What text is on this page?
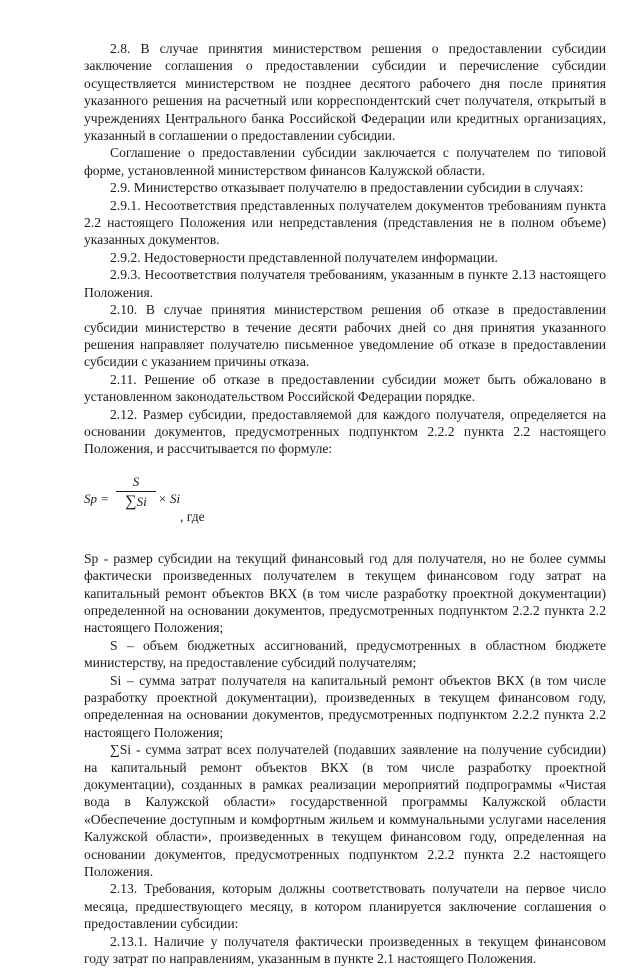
2.8. В случае принятия министерством решения о предоставлении субсидии заключение соглашения о предоставлении субсидии и перечисление субсидии осуществляется министерством не позднее десятого рабочего дня после принятия указанного решения на расчетный или корреспондентский счет получателя, открытый в учреждениях Центрального банка Российской Федерации или кредитных организациях, указанный в соглашении о предоставлении субсидии.

Соглашение о предоставлении субсидии заключается с получателем по типовой форме, установленной министерством финансов Калужской области.

2.9. Министерство отказывает получателю в предоставлении субсидии в случаях:

2.9.1. Несоответствия представленных получателем документов требованиям пункта 2.2 настоящего Положения или непредставления (представления не в полном объеме) указанных документов.

2.9.2. Недостоверности представленной получателем информации.

2.9.3. Несоответствия получателя требованиям, указанным в пункте 2.13 настоящего Положения.

2.10. В случае принятия министерством решения об отказе в предоставлении субсидии министерство в течение десяти рабочих дней со дня принятия указанного решения направляет получателю письменное уведомление об отказе в предоставлении субсидии с указанием причины отказа.

2.11. Решение об отказе в предоставлении субсидии может быть обжаловано в установленном законодательством Российской Федерации порядке.

2.12. Размер субсидии, предоставляемой для каждого получателя, определяется на основании документов, предусмотренных подпунктом 2.2.2 пункта 2.2 настоящего Положения, и рассчитывается по формуле:

Sp =
S
∑Si × Si
, где

Sp - размер субсидии на текущий финансовый год для получателя, но не более суммы фактически произведенных получателем в текущем финансовом году затрат на капитальный ремонт объектов ВКХ (в том числе разработку проектной документации) определенной на основании документов, предусмотренных подпунктом 2.2.2 пункта 2.2 настоящего Положения;

S – объем бюджетных ассигнований, предусмотренных в областном бюджете министерству, на предоставление субсидий получателям;

Si – сумма затрат получателя на капитальный ремонт объектов ВКХ (в том числе разработку проектной документации), произведенных в текущем финансовом году, определенная на основании документов, предусмотренных подпунктом 2.2.2 пункта 2.2 настоящего Положения;

∑Si - сумма затрат всех получателей (подавших заявление на получение субсидии) на капитальный ремонт объектов ВКХ (в том числе разработку проектной документации), созданных в рамках реализации мероприятий подпрограммы «Чистая вода в Калужской области» государственной программы Калужской области «Обеспечение доступным и комфортным жильем и коммунальными услугами населения Калужской области», произведенных в текущем финансовом году, определенная на основании документов, предусмотренных подпунктом 2.2.2 пункта 2.2 настоящего Положения.

2.13. Требования, которым должны соответствовать получатели на первое число месяца, предшествующего месяцу, в котором планируется заключение соглашения о предоставлении субсидии:

2.13.1. Наличие у получателя фактически произведенных в текущем финансовом году затрат по направлениям, указанным в пункте 2.1 настоящего Положения.
